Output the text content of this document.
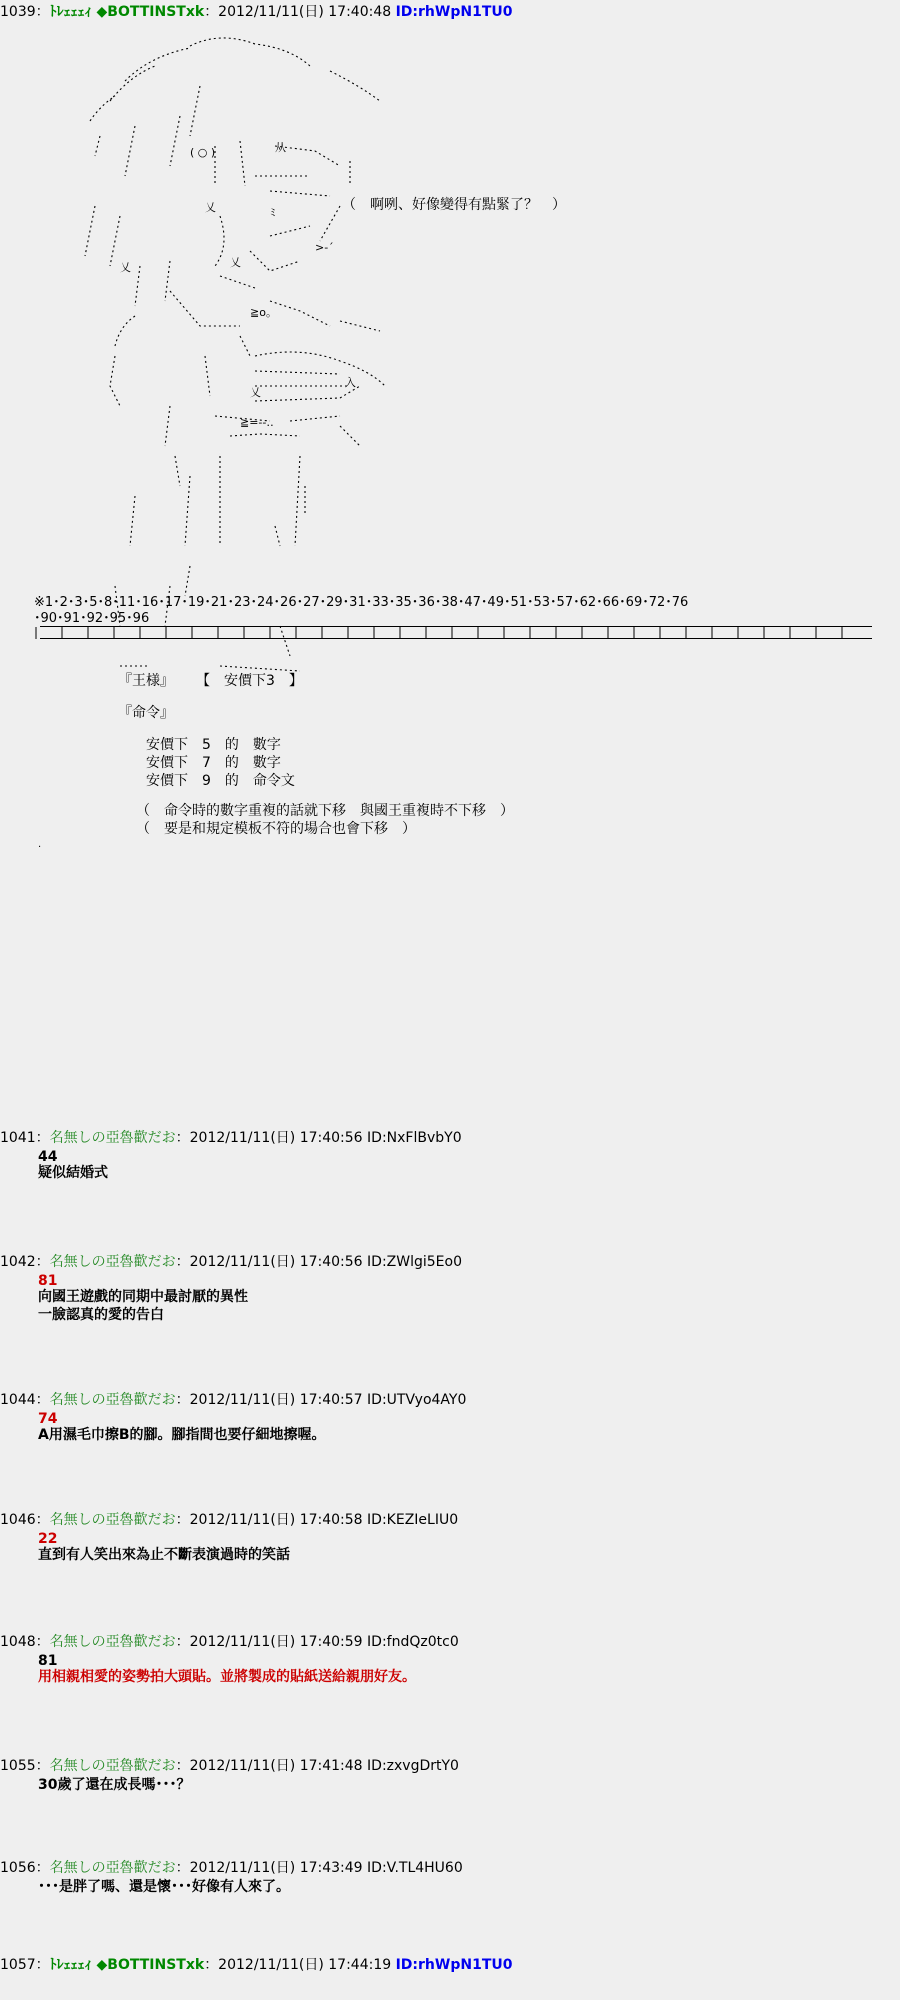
1039：ﾄﾚｪｪｪｨ ◆BOTTINSTxk：2012/11/11(日) 17:40:48 ID:rhWpN1TU0
( ○ )	从
乂	ﾐ
乂
乂
>-´
≧o。
乂
入
≧=-‐‥
（　啊咧、好像變得有點緊了？　）
※1･2･3･5･8･11･16･17･19･21･23･24･26･27･29･31･33･35･36･38･47･49･51･53･57･62･66･69･72･76
･90･91･92･95･96
『王様』 【　安價下3　】
『命令』
安價下　5　的　數字
安價下　7　的　數字
安價下　9　的　命令文
（　命令時的數字重複的話就下移　與國王重複時不下移　）
（　要是和規定模板不符的場合也會下移　）
.
1041：名無しの亞魯歡だお：2012/11/11(日) 17:40:56 ID:NxFlBvbY0
44
疑似結婚式
1042：名無しの亞魯歡だお：2012/11/11(日) 17:40:56 ID:ZWlgi5Eo0
81
向國王遊戲的同期中最討厭的異性
一臉認真的愛的告白
1044：名無しの亞魯歡だお：2012/11/11(日) 17:40:57 ID:UTVyo4AY0
74
A用濕毛巾擦B的腳。腳指間也要仔細地擦喔。
1046：名無しの亞魯歡だお：2012/11/11(日) 17:40:58 ID:KEZIeLIU0
22
直到有人笑出來為止不斷表演過時的笑話
1048：名無しの亞魯歡だお：2012/11/11(日) 17:40:59 ID:fndQz0tc0
81
用相親相愛的姿勢拍大頭貼。並將製成的貼紙送給親朋好友。
1055：名無しの亞魯歡だお：2012/11/11(日) 17:41:48 ID:zxvgDrtY0
30歲了還在成長嗎･･･？
1056：名無しの亞魯歡だお：2012/11/11(日) 17:43:49 ID:V.TL4HU60
･･･是胖了嗎、還是懷･･･好像有人來了。
1057：ﾄﾚｪｪｪｨ ◆BOTTINSTxk：2012/11/11(日) 17:44:19 ID:rhWpN1TU0
